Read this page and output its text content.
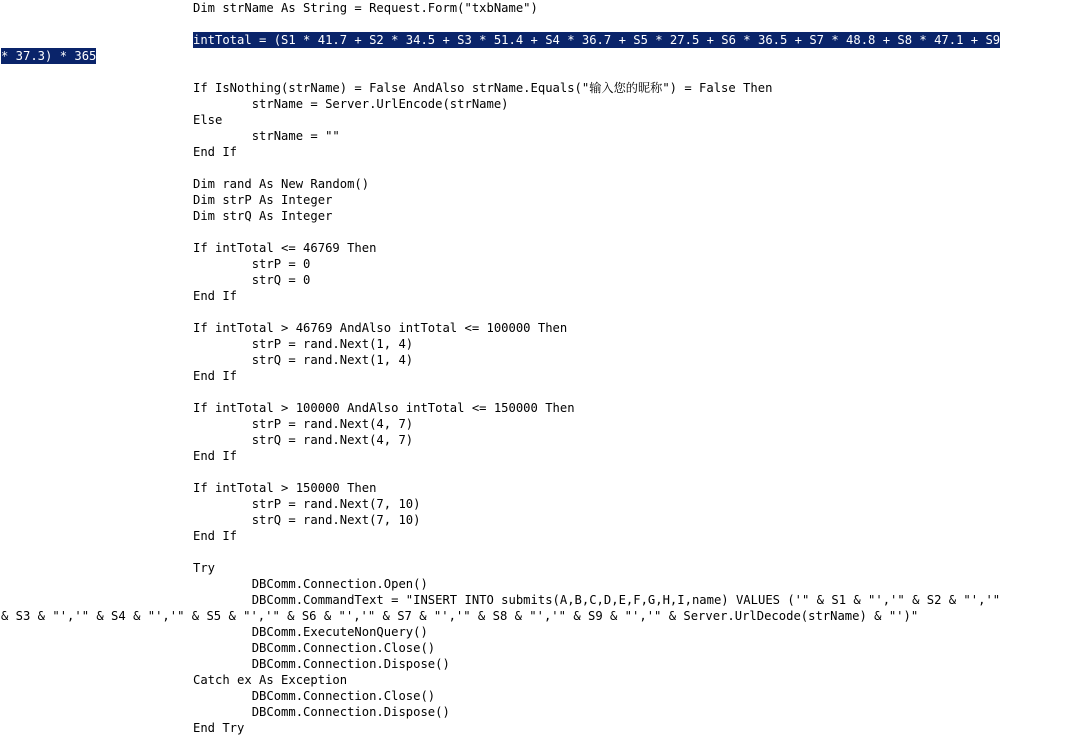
Dim strName As String = Request.Form("txbName")
intTotal = (S1 * 41.7 + S2 * 34.5 + S3 * 51.4 + S4 * 36.7 + S5 * 27.5 + S6 * 36.5 + S7 * 48.8 + S8 * 47.1 + S9
* 37.3) * 365
If IsNothing(strName) = False AndAlso strName.Equals("输入您的昵称") = False Then
strName = Server.UrlEncode(strName)
Else
strName = ""
End If
Dim rand As New Random()
Dim strP As Integer
Dim strQ As Integer
If intTotal <= 46769 Then
strP = 0
strQ = 0
End If
If intTotal > 46769 AndAlso intTotal <= 100000 Then
strP = rand.Next(1, 4)
strQ = rand.Next(1, 4)
End If
If intTotal > 100000 AndAlso intTotal <= 150000 Then
strP = rand.Next(4, 7)
strQ = rand.Next(4, 7)
End If
If intTotal > 150000 Then
strP = rand.Next(7, 10)
strQ = rand.Next(7, 10)
End If
Try
DBComm.Connection.Open()
DBComm.CommandText = "INSERT INTO submits(A,B,C,D,E,F,G,H,I,name) VALUES ('" & S1 & "','" & S2 & "','"
& S3 & "','" & S4 & "','" & S5 & "','" & S6 & "','" & S7 & "','" & S8 & "','" & S9 & "','" & Server.UrlDecode(strName) & "')"
DBComm.ExecuteNonQuery()
DBComm.Connection.Close()
DBComm.Connection.Dispose()
Catch ex As Exception
DBComm.Connection.Close()
DBComm.Connection.Dispose()
End Try
